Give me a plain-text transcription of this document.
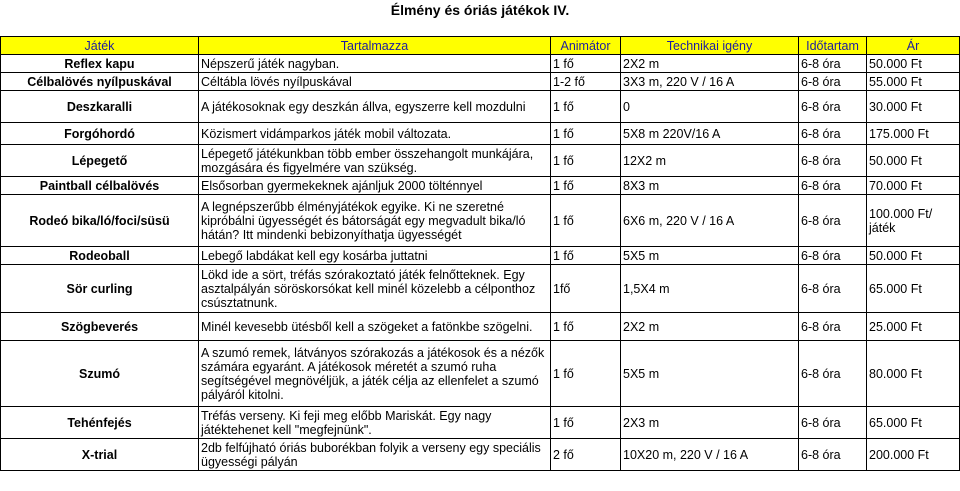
Élmény és óriás játékok IV.
Játék	Tartalmazza	Animátor	Technikai igény	Időtartam	Ár
Reflex kapu	Népszerű játék nagyban.	1 fő	2X2 m	6-8 óra	50.000 Ft
Célbalövés nyílpuskával	Céltábla lövés nyílpuskával	1-2 fő	3X3 m, 220 V / 16 A	6-8 óra	55.000 Ft
Deszkaralli	A játékosoknak egy deszkán állva, egyszerre kell mozdulni	1 fő	0	6-8 óra	30.000 Ft
Forgóhordó	Közismert vidámparkos játék mobil változata.	1 fő	5X8 m 220V/16 A	6-8 óra	175.000 Ft
Lépegető	Lépegető játékunkban több ember összehangolt munkájára, mozgására és figyelmére van szükség.	1 fő	12X2 m	6-8 óra	50.000 Ft
Paintball célbalövés	Elsősorban gyermekeknek ajánljuk 2000 tölténnyel	1 fő	8X3 m	6-8 óra	70.000 Ft
Rodeó bika/ló/foci/süsü	A legnépszerűbb élményjátékok egyike. Ki ne szeretné kipróbálni ügyességét és bátorságát egy megvadult bika/ló hátán? Itt mindenki bebizonyíthatja ügyességét	1 fő	6X6 m, 220 V / 16 A	6-8 óra	100.000 Ft/ játék
Rodeoball	Lebegő labdákat kell egy kosárba juttatni	1 fő	5X5 m	6-8 óra	50.000 Ft
Sör curling	Lökd ide a sört, tréfás szórakoztató játék felnőtteknek. Egy asztalpályán söröskorsókat kell minél közelebb a célponthoz csúsztatnunk.	1fő	1,5X4 m	6-8 óra	65.000 Ft
Szögbeverés	Minél kevesebb ütésből kell a szögeket a fatönkbe szögelni.	1 fő	2X2 m	6-8 óra	25.000 Ft
Szumó	A szumó remek, látványos szórakozás a játékosok és a nézők számára egyaránt. A játékosok méretét a szumó ruha segítségével megnövéljük, a játék célja az ellenfelet a szumó pályáról kitolni.	1 fő	5X5 m	6-8 óra	80.000 Ft
Tehénfejés	Tréfás verseny. Ki feji meg előbb Mariskát. Egy nagy játéktehenet kell "megfejnünk".	1 fő	2X3 m	6-8 óra	65.000 Ft
X-trial	2db felfújható óriás buborékban folyik a verseny egy speciális ügyességi pályán	2 fő	10X20 m, 220 V / 16 A	6-8 óra	200.000 Ft
